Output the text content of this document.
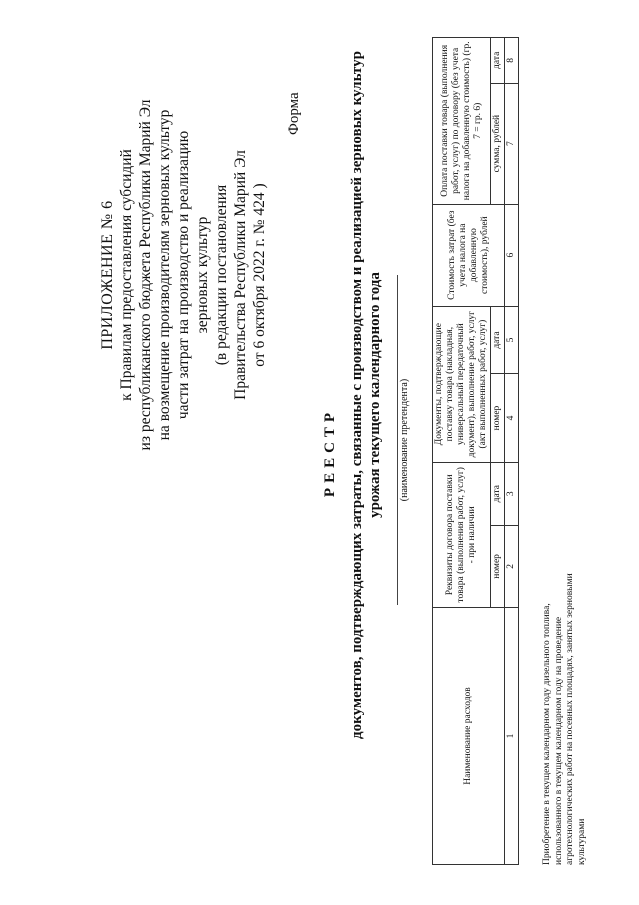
ПРИЛОЖЕНИЕ № 6 к Правилам предоставления субсидий из республиканского бюджета Республики Марий Эл на возмещение производителям зерновых культур части затрат на производство и реализацию зерновых культур (в редакции постановления Правительства Республики Марий Эл от 6 октября 2022 г. № 424 )
Форма
РЕЕСТР документов, подтверждающих затраты, связанные с производством и реализацией зерновых культур урожая текущего календарного года (наименование претендента)
Наименование расходов	Реквизиты договора поставки товара (выполнения работ, услуг) - при наличии		Документы, подтверждающие поставку товара (накладная, универсальный передаточный документ), выполнение работ, услуг (акт выполненных работ, услуг)		Стоимость затрат (без учета налога на добавленную стоимость), рублей	Оплата поставки товара (выполнения работ, услуг) по договору (без учета налога на добавленную стоимость) (гр. 7 = гр. 6)	
	номер	дата	номер	дата		сумма, рублей	дата
1	2	3	4	5	6	7	8
Приобретение в текущем календарном году дизельного топлива, использованного в текущем календарном году на проведение агротехнологических работ на посевных площадях, занятых зерновыми культурами
